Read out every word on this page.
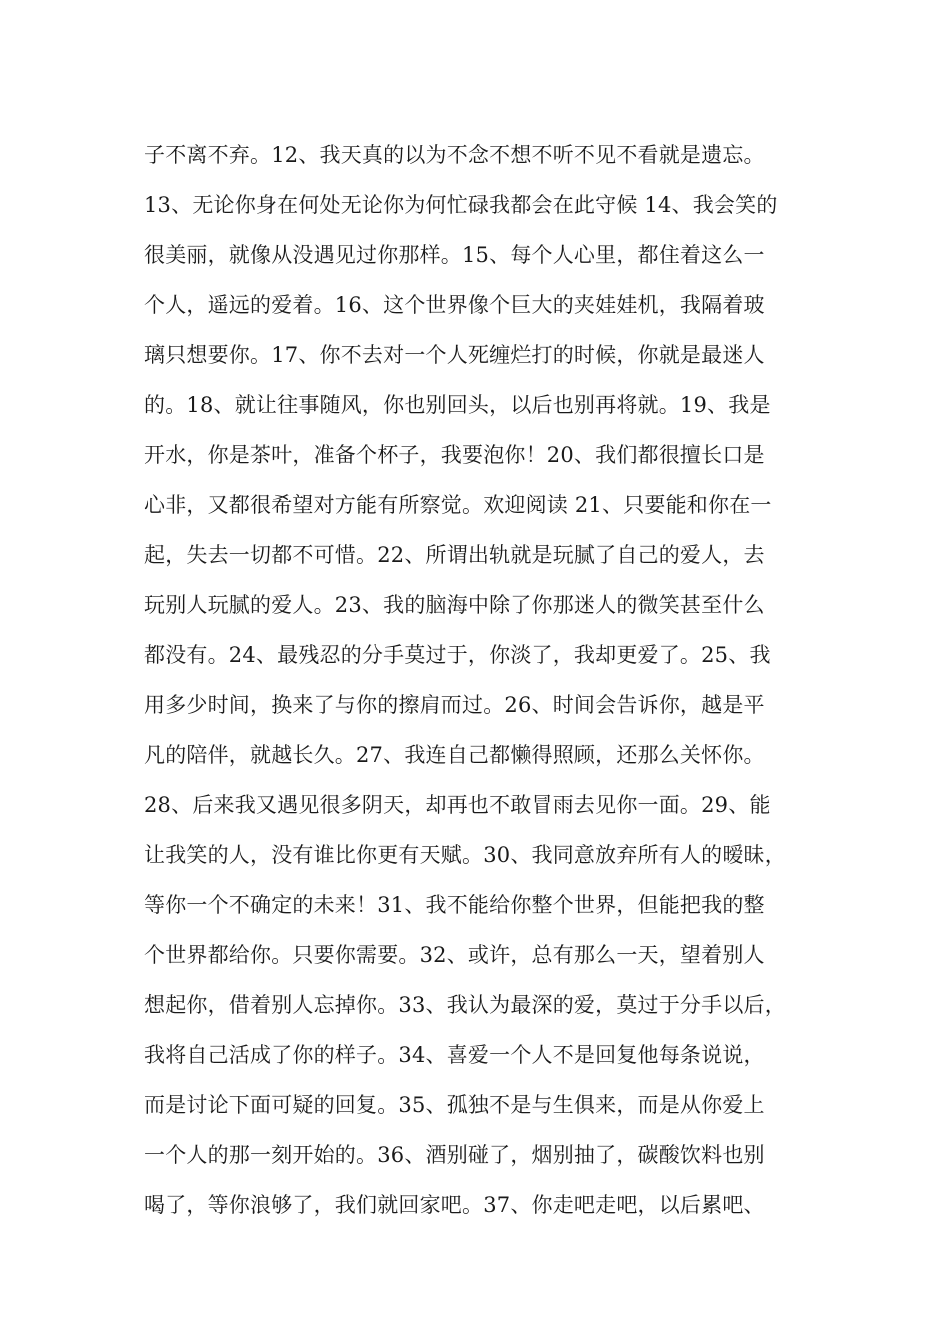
子不离不弃。12、我天真的以为不念不想不听不见不看就是遗忘。
13、无论你身在何处无论你为何忙碌我都会在此守候 14、我会笑的
很美丽，就像从没遇见过你那样。15、每个人心里，都住着这么一
个人，遥远的爱着。16、这个世界像个巨大的夹娃娃机，我隔着玻
璃只想要你。17、你不去对一个人死缠烂打的时候，你就是最迷人
的。18、就让往事随风，你也别回头，以后也别再将就。19、我是
开水，你是茶叶，准备个杯子，我要泡你！20、我们都很擅长口是
心非，又都很希望对方能有所察觉。欢迎阅读 21、只要能和你在一
起，失去一切都不可惜。22、所谓出轨就是玩腻了自己的爱人，去
玩别人玩腻的爱人。23、我的脑海中除了你那迷人的微笑甚至什么
都没有。24、最残忍的分手莫过于，你淡了，我却更爱了。25、我
用多少时间，换来了与你的擦肩而过。26、时间会告诉你，越是平
凡的陪伴，就越长久。27、我连自己都懒得照顾，还那么关怀你。
28、后来我又遇见很多阴天，却再也不敢冒雨去见你一面。29、能
让我笑的人，没有谁比你更有天赋。30、我同意放弃所有人的暧昧，
等你一个不确定的未来！31、我不能给你整个世界，但能把我的整
个世界都给你。只要你需要。32、或许，总有那么一天，望着别人
想起你，借着别人忘掉你。33、我认为最深的爱，莫过于分手以后，
我将自己活成了你的样子。34、喜爱一个人不是回复他每条说说，
而是讨论下面可疑的回复。35、孤独不是与生俱来，而是从你爱上
一个人的那一刻开始的。36、酒别碰了，烟别抽了，碳酸饮料也别
喝了，等你浪够了，我们就回家吧。37、你走吧走吧，以后累吧、
